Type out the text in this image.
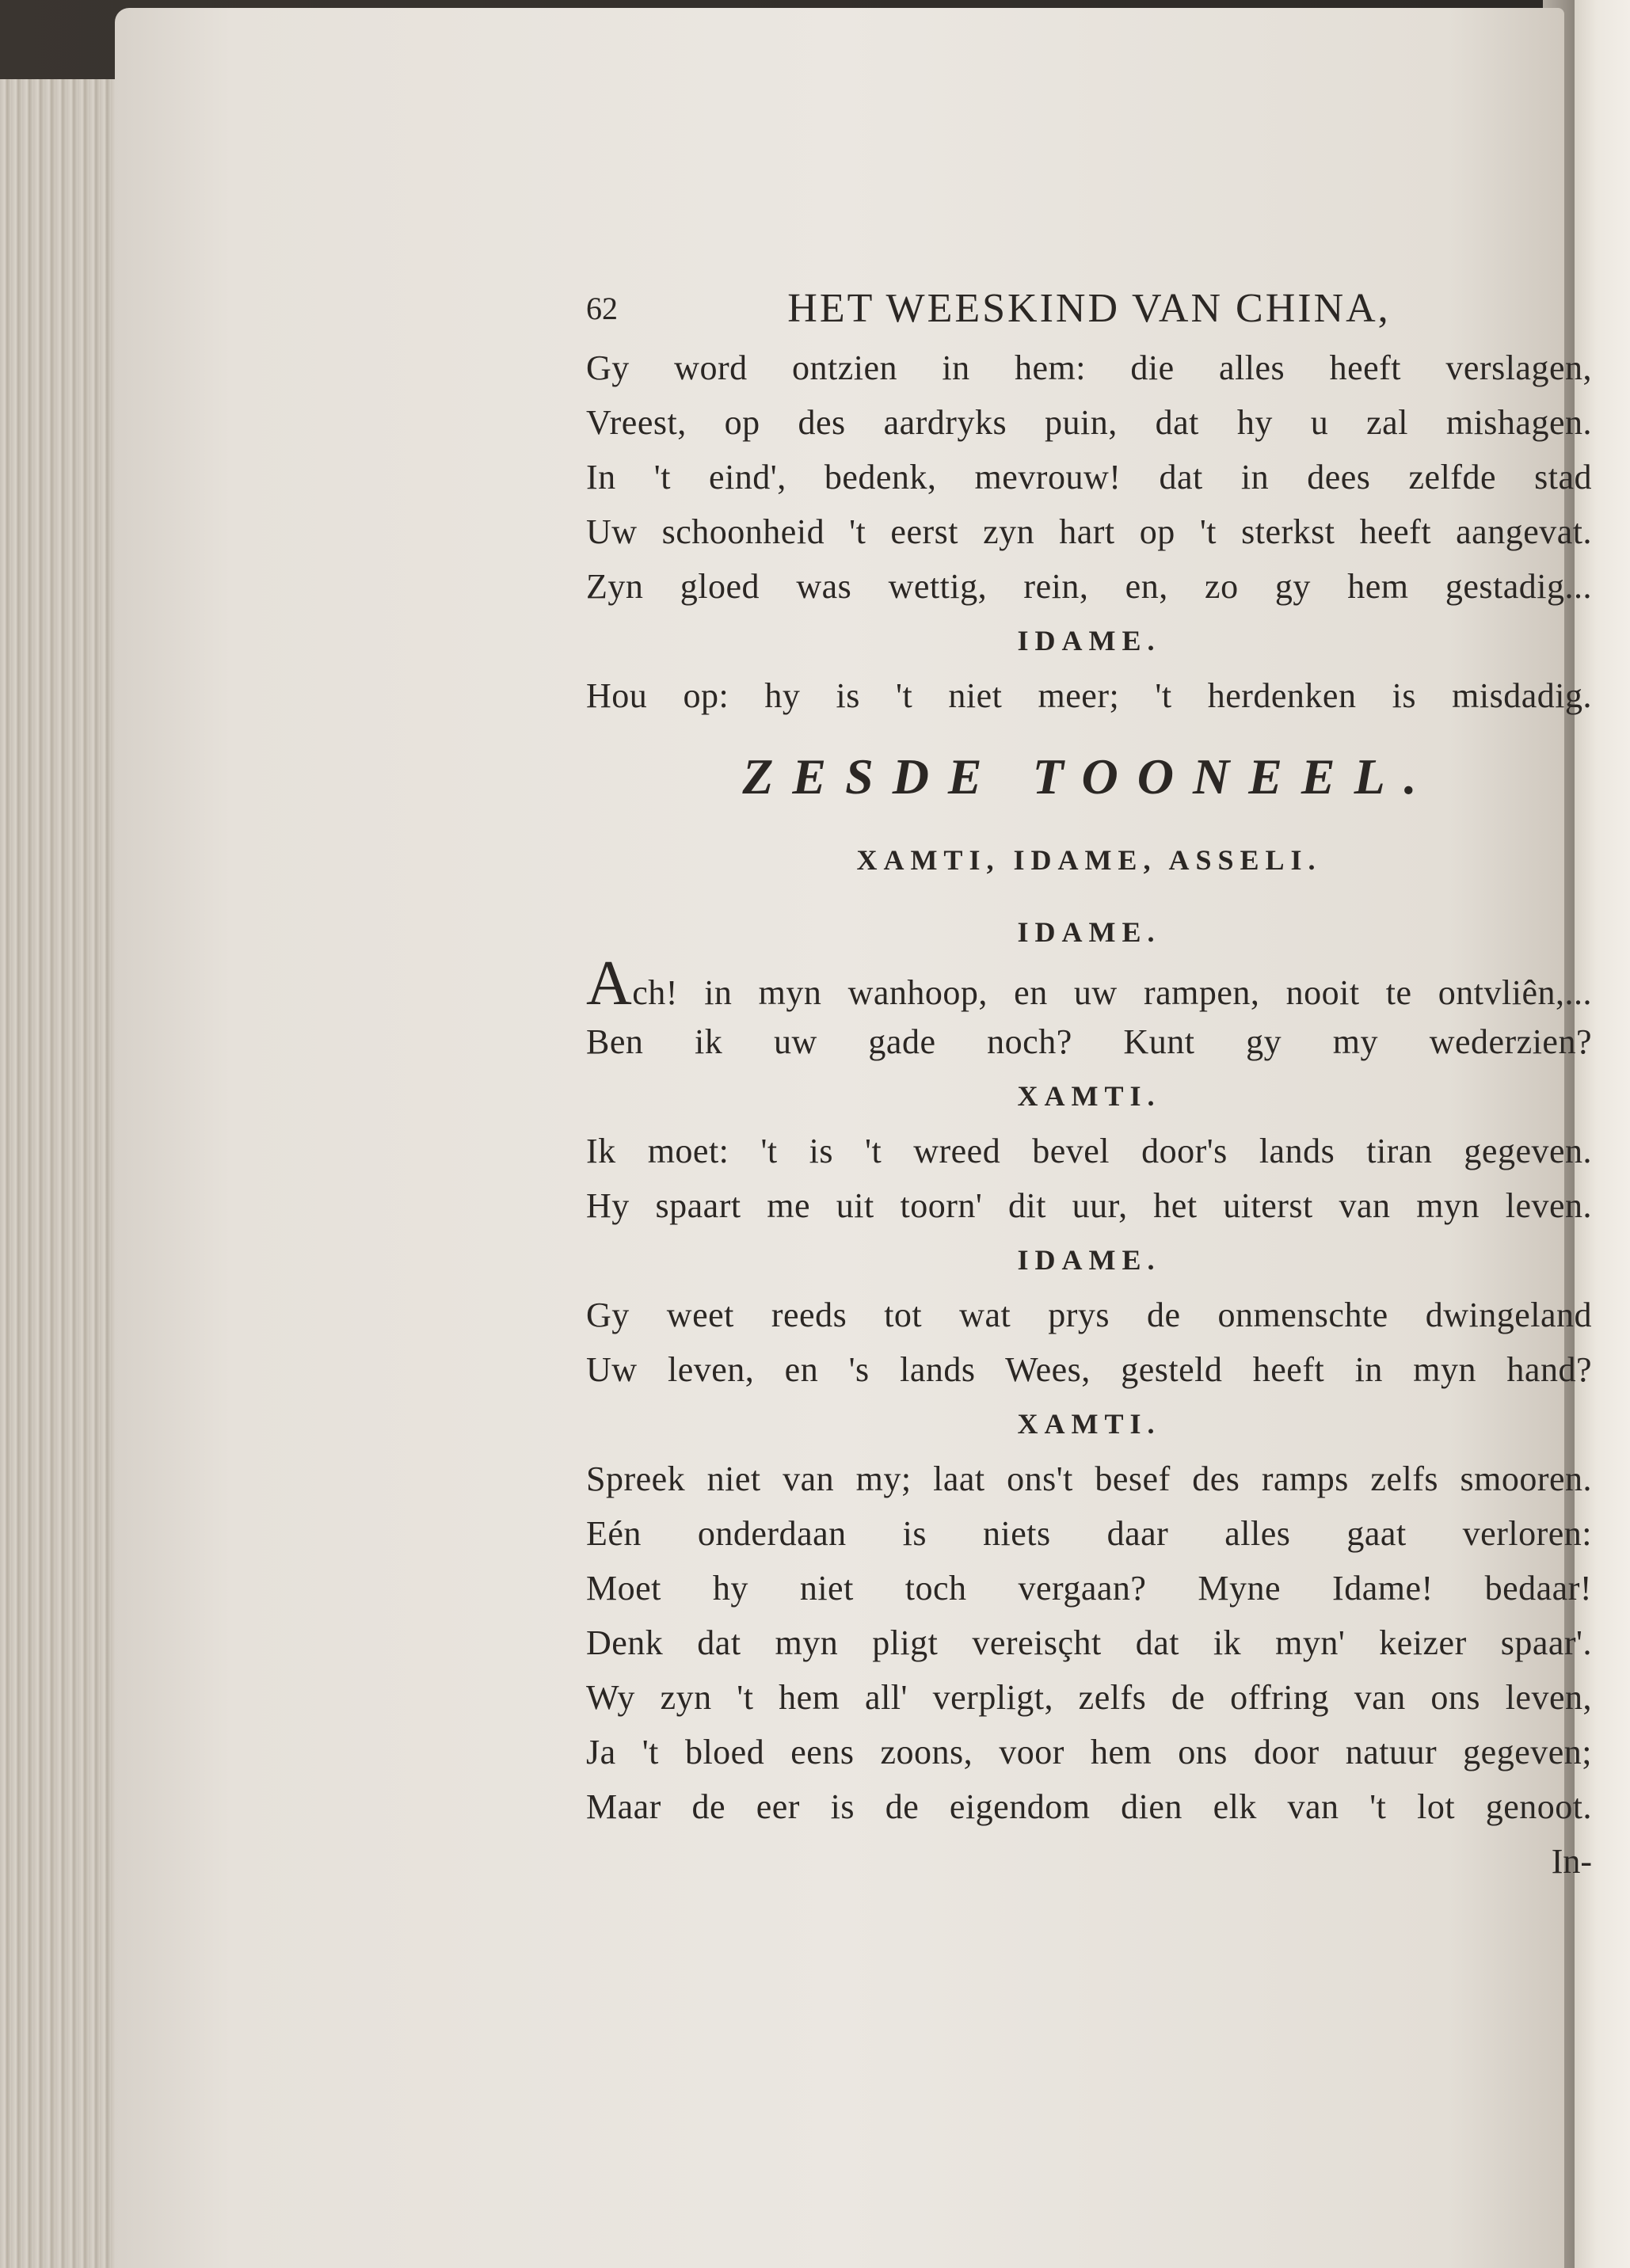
62	HET WEESKIND VAN CHINA,
Gy word ontzien in hem: die alles heeft verslagen,
Vreest, op des aardryks puin, dat hy u zal mishagen.
In 't eind', bedenk, mevrouw! dat in dees zelfde stad
Uw schoonheid 't eerst zyn hart op 't sterkst heeft aangevat.
Zyn gloed was wettig, rein, en, zo gy hem gestadig...
IDAME.
Hou op: hy is 't niet meer; 't herdenken is misdadig.
ZESDE TOONEEL.
XAMTI, IDAME, ASSELI.
IDAME.
Ach! in myn wanhoop, en uw rampen, nooit te ontvliên,...
Ben ik uw gade noch? Kunt gy my wederzien?
XAMTI.
Ik moet: 't is 't wreed bevel door's lands tiran gegeven.
Hy spaart me uit toorn' dit uur, het uiterst van myn leven.
IDAME.
Gy weet reeds tot wat prys de onmenschte dwingeland
Uw leven, en 's lands Wees, gesteld heeft in myn hand?
XAMTI.
Spreek niet van my; laat ons't besef des ramps zelfs smooren.
Eén onderdaan is niets daar alles gaat verloren:
Moet hy niet toch vergaan? Myne Idame! bedaar!
Denk dat myn pligt vereisçht dat ik myn' keizer spaar'.
Wy zyn 't hem all' verpligt, zelfs de offring van ons leven,
Ja 't bloed eens zoons, voor hem ons door natuur gegeven;
Maar de eer is de eigendom dien elk van 't lot genoot.
In-
